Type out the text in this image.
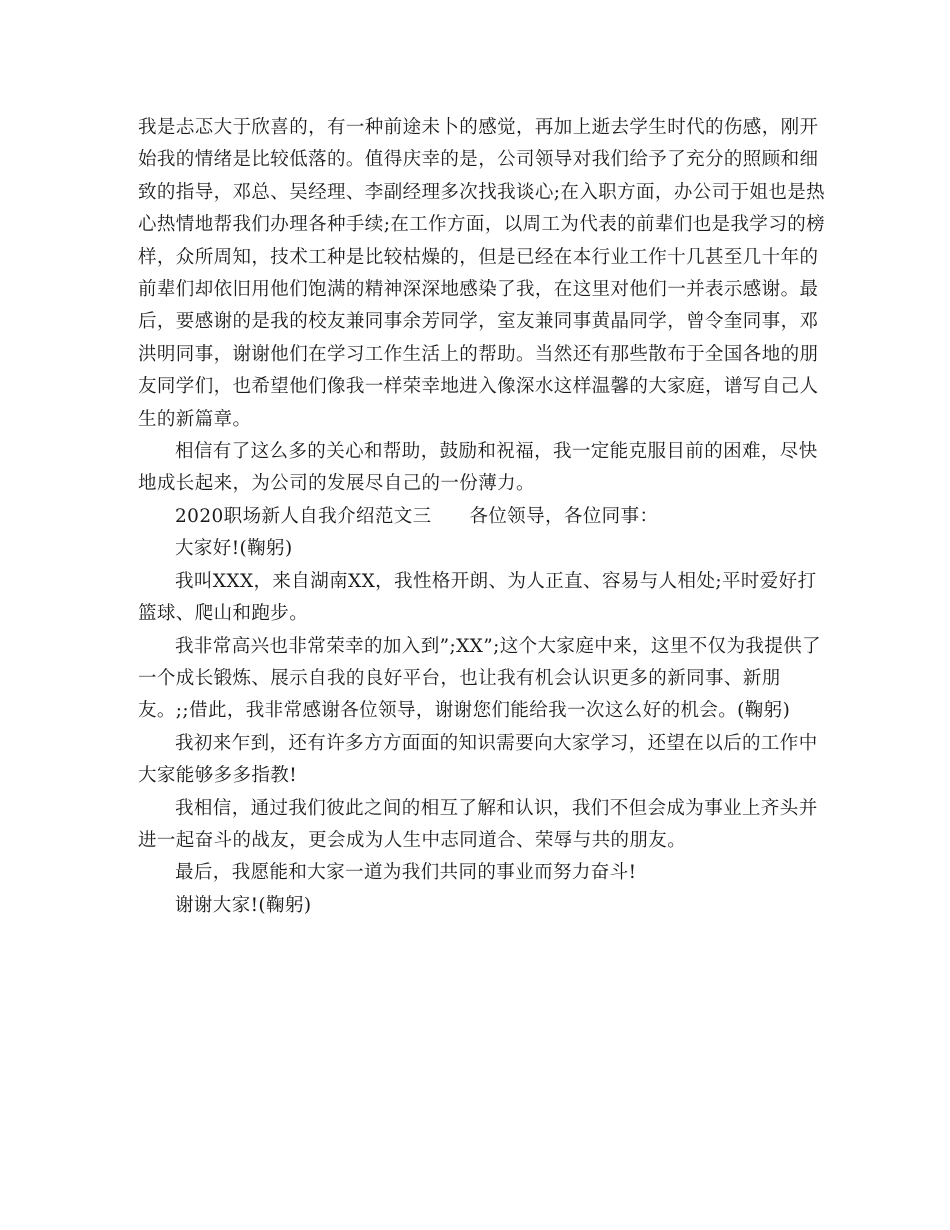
我是忐忑大于欣喜的，有一种前途未卜的感觉，再加上逝去学生时代的伤感，刚开始我的情绪是比较低落的。值得庆幸的是，公司领导对我们给予了充分的照顾和细致的指导，邓总、吴经理、李副经理多次找我谈心;在入职方面，办公司于姐也是热心热情地帮我们办理各种手续;在工作方面，以周工为代表的前辈们也是我学习的榜样，众所周知，技术工种是比较枯燥的，但是已经在本行业工作十几甚至几十年的前辈们却依旧用他们饱满的精神深深地感染了我，在这里对他们一并表示感谢。最后，要感谢的是我的校友兼同事余芳同学，室友兼同事黄晶同学，曾令奎同事，邓洪明同事，谢谢他们在学习工作生活上的帮助。当然还有那些散布于全国各地的朋友同学们，也希望他们像我一样荣幸地进入像深水这样温馨的大家庭，谱写自己人生的新篇章。

相信有了这么多的关心和帮助，鼓励和祝福，我一定能克服目前的困难，尽快地成长起来，为公司的发展尽自己的一份薄力。

2020职场新人自我介绍范文三　　各位领导，各位同事：

大家好!(鞠躬)

我叫XXX，来自湖南XX，我性格开朗、为人正直、容易与人相处;平时爱好打篮球、爬山和跑步。

我非常高兴也非常荣幸的加入到”;XX”;这个大家庭中来，这里不仅为我提供了一个成长锻炼、展示自我的良好平台，也让我有机会认识更多的新同事、新朋友。;;借此，我非常感谢各位领导，谢谢您们能给我一次这么好的机会。(鞠躬)

我初来乍到，还有许多方方面面的知识需要向大家学习，还望在以后的工作中大家能够多多指教!

我相信，通过我们彼此之间的相互了解和认识，我们不但会成为事业上齐头并进一起奋斗的战友，更会成为人生中志同道合、荣辱与共的朋友。

最后，我愿能和大家一道为我们共同的事业而努力奋斗!

谢谢大家!(鞠躬)
